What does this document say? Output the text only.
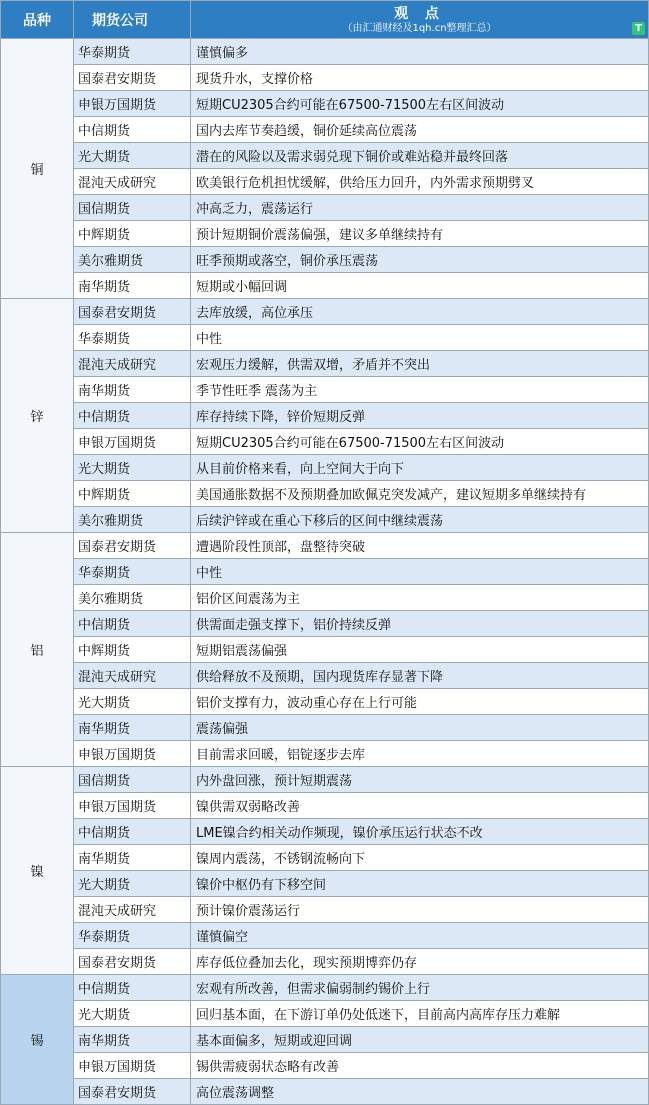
品种	期货公司	观 点
（由汇通财经及1qh.cn整理汇总） T

铜	华泰期货	谨慎偏多
	国泰君安期货	现货升水，支撑价格
	申银万国期货	短期CU2305合约可能在67500-71500左右区间波动
	中信期货	国内去库节奏趋缓，铜价延续高位震荡
	光大期货	潜在的风险以及需求弱兑现下铜价或难站稳并最终回落
	混沌天成研究	欧美银行危机担忧缓解，供给压力回升，内外需求预期劈叉
	国信期货	冲高乏力，震荡运行
	中辉期货	预计短期铜价震荡偏强，建议多单继续持有
	美尔雅期货	旺季预期或落空，铜价承压震荡
	南华期货	短期或小幅回调
锌	国泰君安期货	去库放缓，高位承压
	华泰期货	中性
	混沌天成研究	宏观压力缓解，供需双增，矛盾并不突出
	南华期货	季节性旺季 震荡为主
	中信期货	库存持续下降，锌价短期反弹
	申银万国期货	短期CU2305合约可能在67500-71500左右区间波动
	光大期货	从目前价格来看，向上空间大于向下
	中辉期货	美国通胀数据不及预期叠加欧佩克突发减产，建议短期多单继续持有
	美尔雅期货	后续沪锌或在重心下移后的区间中继续震荡
铝	国泰君安期货	遭遇阶段性顶部，盘整待突破
	华泰期货	中性
	美尔雅期货	铝价区间震荡为主
	中信期货	供需面走强支撑下，铝价持续反弹
	中辉期货	短期铝震荡偏强
	混沌天成研究	供给释放不及预期，国内现货库存显著下降
	光大期货	铝价支撑有力，波动重心存在上行可能
	南华期货	震荡偏强
	申银万国期货	目前需求回暖，铝锭逐步去库
镍	国信期货	内外盘回涨，预计短期震荡
	申银万国期货	镍供需双弱略改善
	中信期货	LME镍合约相关动作频现，镍价承压运行状态不改
	南华期货	镍周内震荡，不锈钢流畅向下
	光大期货	镍价中枢仍有下移空间
	混沌天成研究	预计镍价震荡运行
	华泰期货	谨慎偏空
	国泰君安期货	库存低位叠加去化，现实预期博弈仍存
锡	中信期货	宏观有所改善，但需求偏弱制约锡价上行
	光大期货	回归基本面，在下游订单仍处低迷下，目前高内高库存压力难解
	南华期货	基本面偏多，短期或迎回调
	申银万国期货	锡供需疲弱状态略有改善
	国泰君安期货	高位震荡调整
